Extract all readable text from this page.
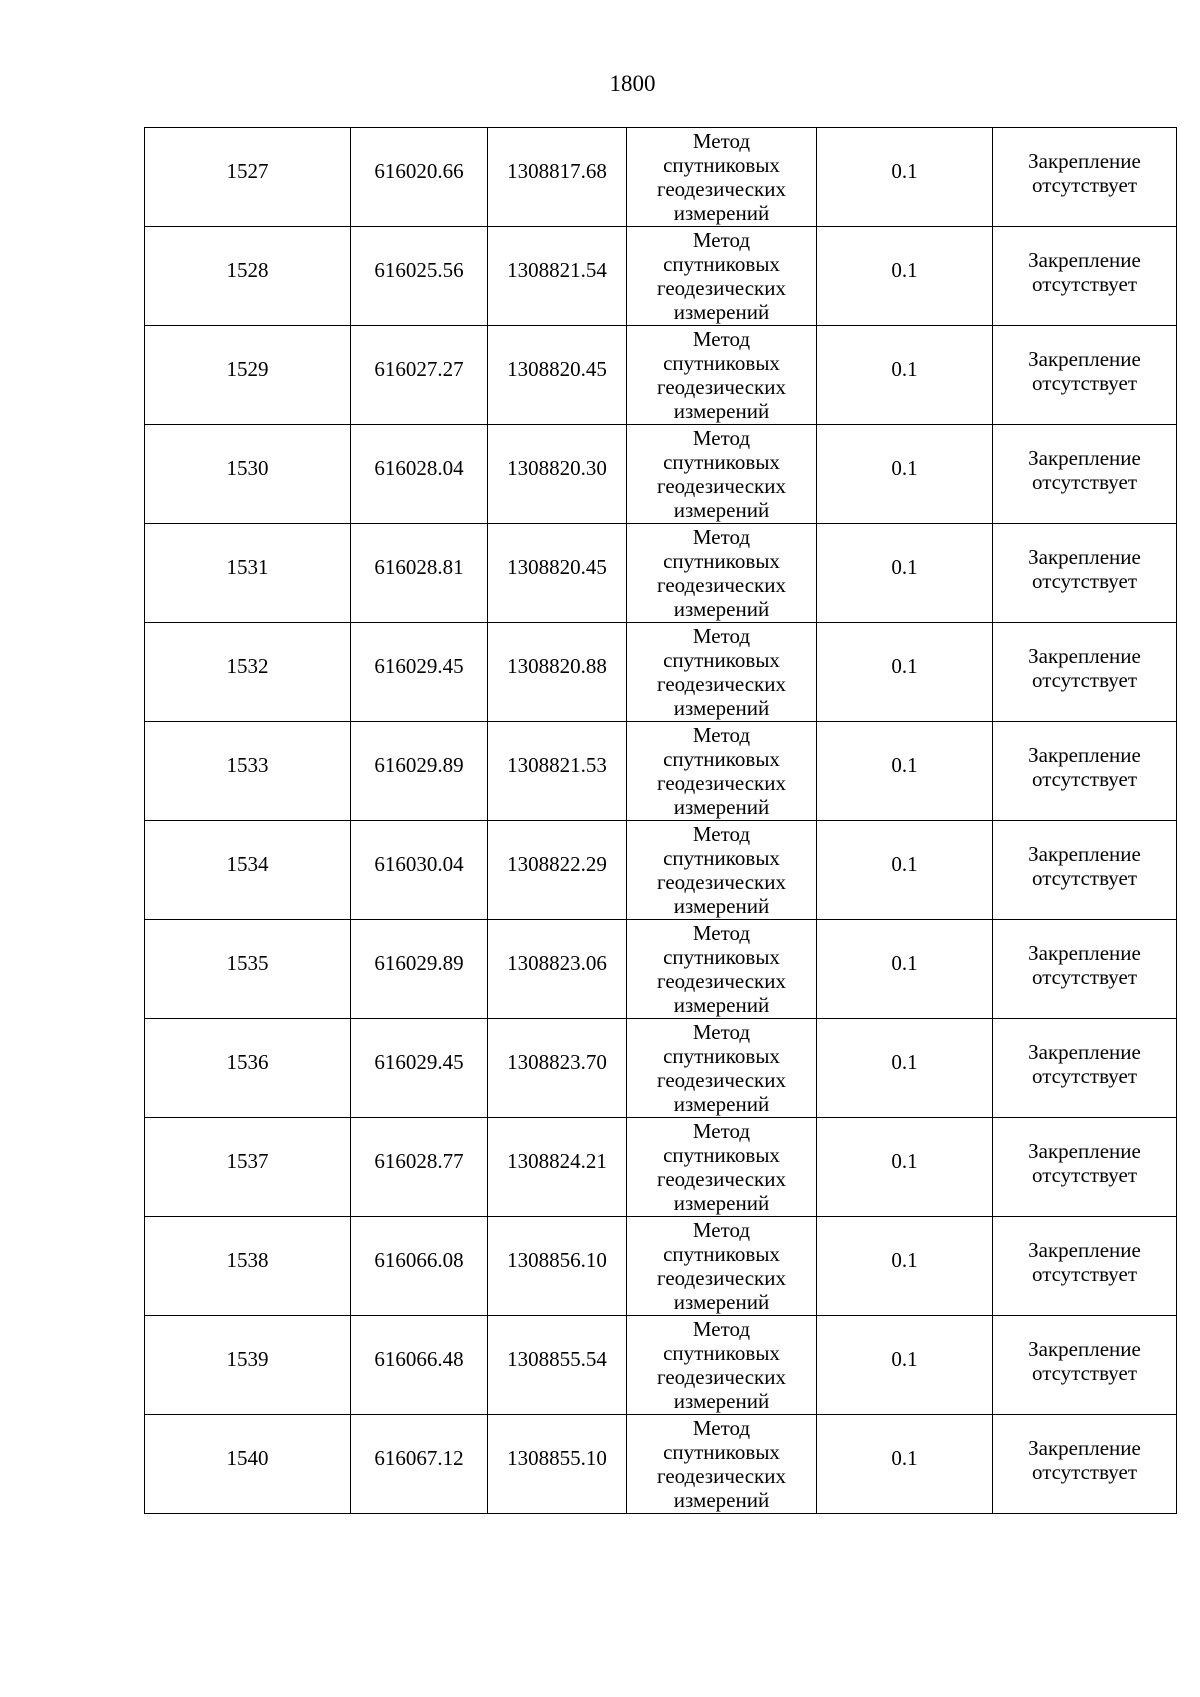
1800
1527	616020.66	1308817.68	Метод
спутниковых
геодезических
измерений	0.1	Закрепление
отсутствует

1528	616025.56	1308821.54	Метод
спутниковых
геодезических
измерений	0.1	Закрепление
отсутствует

1529	616027.27	1308820.45	Метод
спутниковых
геодезических
измерений	0.1	Закрепление
отсутствует

1530	616028.04	1308820.30	Метод
спутниковых
геодезических
измерений	0.1	Закрепление
отсутствует

1531	616028.81	1308820.45	Метод
спутниковых
геодезических
измерений	0.1	Закрепление
отсутствует

1532	616029.45	1308820.88	Метод
спутниковых
геодезических
измерений	0.1	Закрепление
отсутствует

1533	616029.89	1308821.53	Метод
спутниковых
геодезических
измерений	0.1	Закрепление
отсутствует

1534	616030.04	1308822.29	Метод
спутниковых
геодезических
измерений	0.1	Закрепление
отсутствует

1535	616029.89	1308823.06	Метод
спутниковых
геодезических
измерений	0.1	Закрепление
отсутствует

1536	616029.45	1308823.70	Метод
спутниковых
геодезических
измерений	0.1	Закрепление
отсутствует

1537	616028.77	1308824.21	Метод
спутниковых
геодезических
измерений	0.1	Закрепление
отсутствует

1538	616066.08	1308856.10	Метод
спутниковых
геодезических
измерений	0.1	Закрепление
отсутствует

1539	616066.48	1308855.54	Метод
спутниковых
геодезических
измерений	0.1	Закрепление
отсутствует

1540	616067.12	1308855.10	Метод
спутниковых
геодезических
измерений	0.1	Закрепление
отсутствует
